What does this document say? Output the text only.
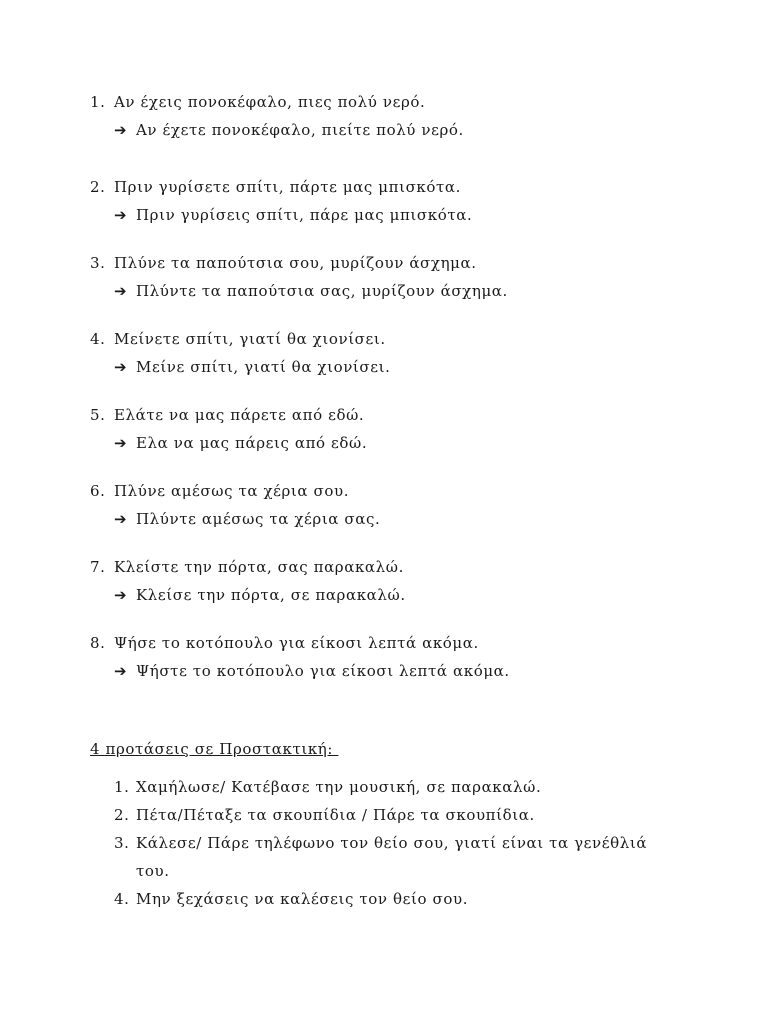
1. Αν έχεις πονοκέφαλο, πιες πολύ νερό.
➔ Αν έχετε πονοκέφαλο, πιείτε πολύ νερό.
2. Πριν γυρίσετε σπίτι, πάρτε μας μπισκότα.
➔ Πριν γυρίσεις σπίτι, πάρε μας μπισκότα.
3. Πλύνε τα παπούτσια σου, μυρίζουν άσχημα.
➔ Πλύντε τα παπούτσια σας, μυρίζουν άσχημα.
4. Μείνετε σπίτι, γιατί θα χιονίσει.
➔ Μείνε σπίτι, γιατί θα χιονίσει.
5. Ελάτε να μας πάρετε από εδώ.
➔ Ελα να μας πάρεις από εδώ.
6. Πλύνε αμέσως τα χέρια σου.
➔ Πλύντε αμέσως τα χέρια σας.
7. Κλείστε την πόρτα, σας παρακαλώ.
➔ Κλείσε την πόρτα, σε παρακαλώ.
8. Ψήσε το κοτόπουλο για είκοσι λεπτά ακόμα.
➔ Ψήστε το κοτόπουλο για είκοσι λεπτά ακόμα.
4 προτάσεις σε Προστακτική:
1. Χαμήλωσε/ Κατέβασε την μουσική, σε παρακαλώ.
2. Πέτα/Πέταξε τα σκουπίδια / Πάρε τα σκουπίδια.
3. Κάλεσε/ Πάρε τηλέφωνο τον θείο σου, γιατί είναι τα γενέθλιά
του.
4. Μην ξεχάσεις να καλέσεις τον θείο σου.
